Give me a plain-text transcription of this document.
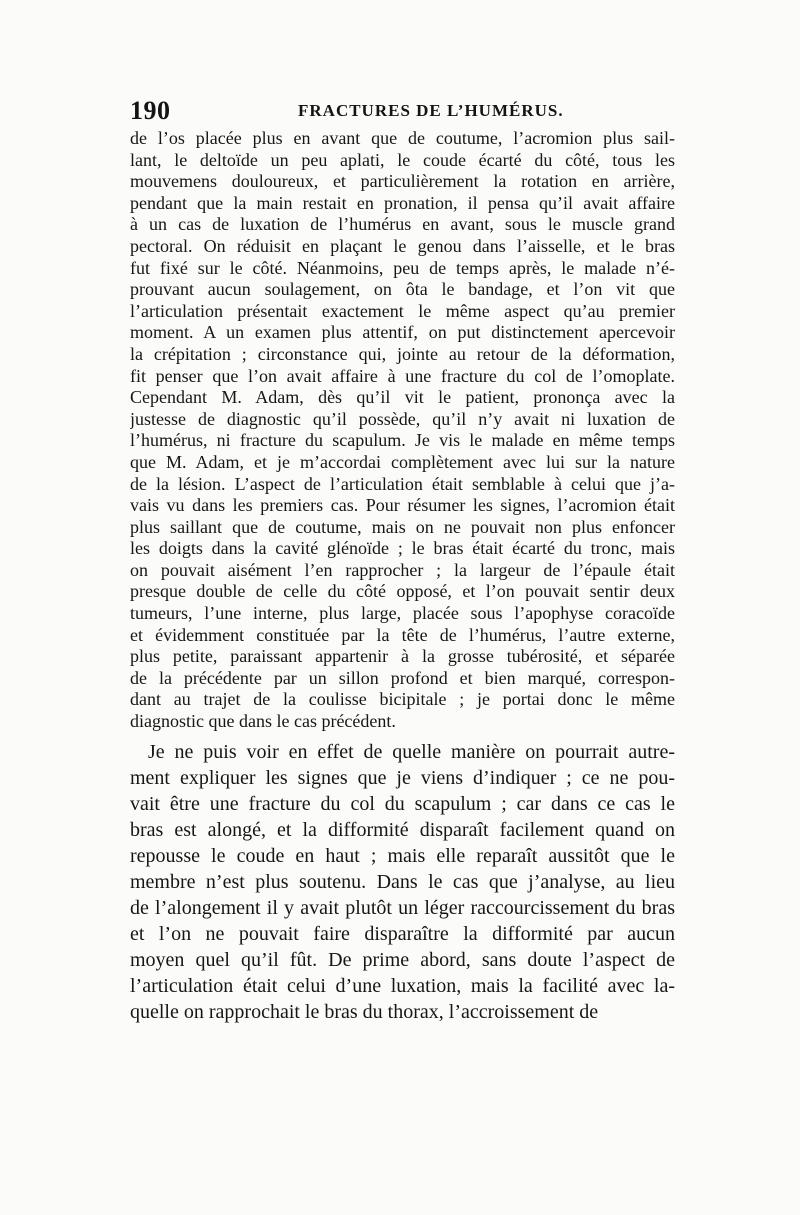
190	FRACTURES DE L’HUMÉRUS.
de l’os placée plus en avant que de coutume, l’acromion plus sail-
lant, le deltoïde un peu aplati, le coude écarté du côté, tous les
mouvemens douloureux, et particulièrement la rotation en arrière,
pendant que la main restait en pronation, il pensa qu’il avait affaire
à un cas de luxation de l’humérus en avant, sous le muscle grand
pectoral. On réduisit en plaçant le genou dans l’aisselle, et le bras
fut fixé sur le côté. Néanmoins, peu de temps après, le malade n’é-
prouvant aucun soulagement, on ôta le bandage, et l’on vit que
l’articulation présentait exactement le même aspect qu’au premier
moment. A un examen plus attentif, on put distinctement apercevoir
la crépitation ; circonstance qui, jointe au retour de la déformation,
fit penser que l’on avait affaire à une fracture du col de l’omoplate.
Cependant M. Adam, dès qu’il vit le patient, prononça avec la
justesse de diagnostic qu’il possède, qu’il n’y avait ni luxation de
l’humérus, ni fracture du scapulum. Je vis le malade en même temps
que M. Adam, et je m’accordai complètement avec lui sur la nature
de la lésion. L’aspect de l’articulation était semblable à celui que j’a-
vais vu dans les premiers cas. Pour résumer les signes, l’acromion était
plus saillant que de coutume, mais on ne pouvait non plus enfoncer
les doigts dans la cavité glénoïde ; le bras était écarté du tronc, mais
on pouvait aisément l’en rapprocher ; la largeur de l’épaule était
presque double de celle du côté opposé, et l’on pouvait sentir deux
tumeurs, l’une interne, plus large, placée sous l’apophyse coracoïde
et évidemment constituée par la tête de l’humérus, l’autre externe,
plus petite, paraissant appartenir à la grosse tubérosité, et séparée
de la précédente par un sillon profond et bien marqué, correspon-
dant au trajet de la coulisse bicipitale ; je portai donc le même
diagnostic que dans le cas précédent.
Je ne puis voir en effet de quelle manière on pourrait autre-
ment expliquer les signes que je viens d’indiquer ; ce ne pou-
vait être une fracture du col du scapulum ; car dans ce cas le
bras est alongé, et la difformité disparaît facilement quand on
repousse le coude en haut ; mais elle reparaît aussitôt que le
membre n’est plus soutenu. Dans le cas que j’analyse, au lieu
de l’alongement il y avait plutôt un léger raccourcissement du bras
et l’on ne pouvait faire disparaître la difformité par aucun
moyen quel qu’il fût. De prime abord, sans doute l’aspect de
l’articulation était celui d’une luxation, mais la facilité avec la-
quelle on rapprochait le bras du thorax, l’accroissement de
